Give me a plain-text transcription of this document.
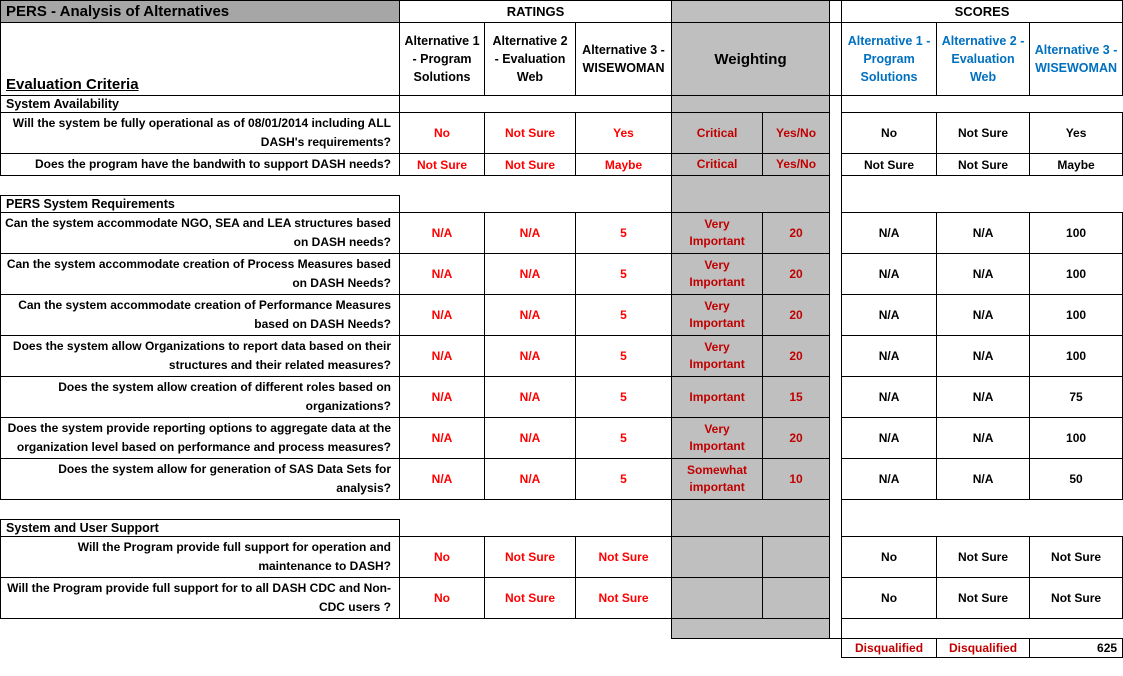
PERS - Analysis of Alternatives	RATINGS						SCORES		
Evaluation Criteria	Alternative 1 - Program Solutions	Alternative 2 - Evaluation Web	Alternative 3 - WISEWOMAN	Weighting			Alternative 1 - Program Solutions	Alternative 2 - Evaluation Web	Alternative 3 - WISEWOMAN
System Availability									
Will the system be fully operational as of 08/01/2014 including ALL DASH's requirements?	No	Not Sure	Yes	Critical	Yes/No		No	Not Sure	Yes
Does the program have the bandwith to support DASH needs?	Not Sure	Not Sure	Maybe	Critical	Yes/No		Not Sure	Not Sure	Maybe

PERS System Requirements									
Can the system accommodate NGO, SEA and LEA structures based on DASH needs?	N/A	N/A	5	Very Important	20		N/A	N/A	100
Can the system accommodate creation of Process Measures based on DASH Needs?	N/A	N/A	5	Very Important	20		N/A	N/A	100
Can the system accommodate creation of Performance Measures based on DASH Needs?	N/A	N/A	5	Very Important	20		N/A	N/A	100
Does the system allow Organizations to report data based on their structures and their related measures?	N/A	N/A	5	Very Important	20		N/A	N/A	100
Does the system allow creation of different roles based on organizations?	N/A	N/A	5	Important	15		N/A	N/A	75
Does the system provide reporting options to aggregate data at the organization level based on performance and process measures?	N/A	N/A	5	Very Important	20		N/A	N/A	100
Does the system allow for generation of SAS Data Sets for analysis?	N/A	N/A	5	Somewhat important	10		N/A	N/A	50

System and User Support									
Will the Program provide full support for operation and maintenance to DASH?	No	Not Sure	Not Sure				No	Not Sure	Not Sure
Will the Program provide full support for to all DASH CDC and Non-CDC users ?	No	Not Sure	Not Sure				No	Not Sure	Not Sure

							Disqualified	Disqualified	625
